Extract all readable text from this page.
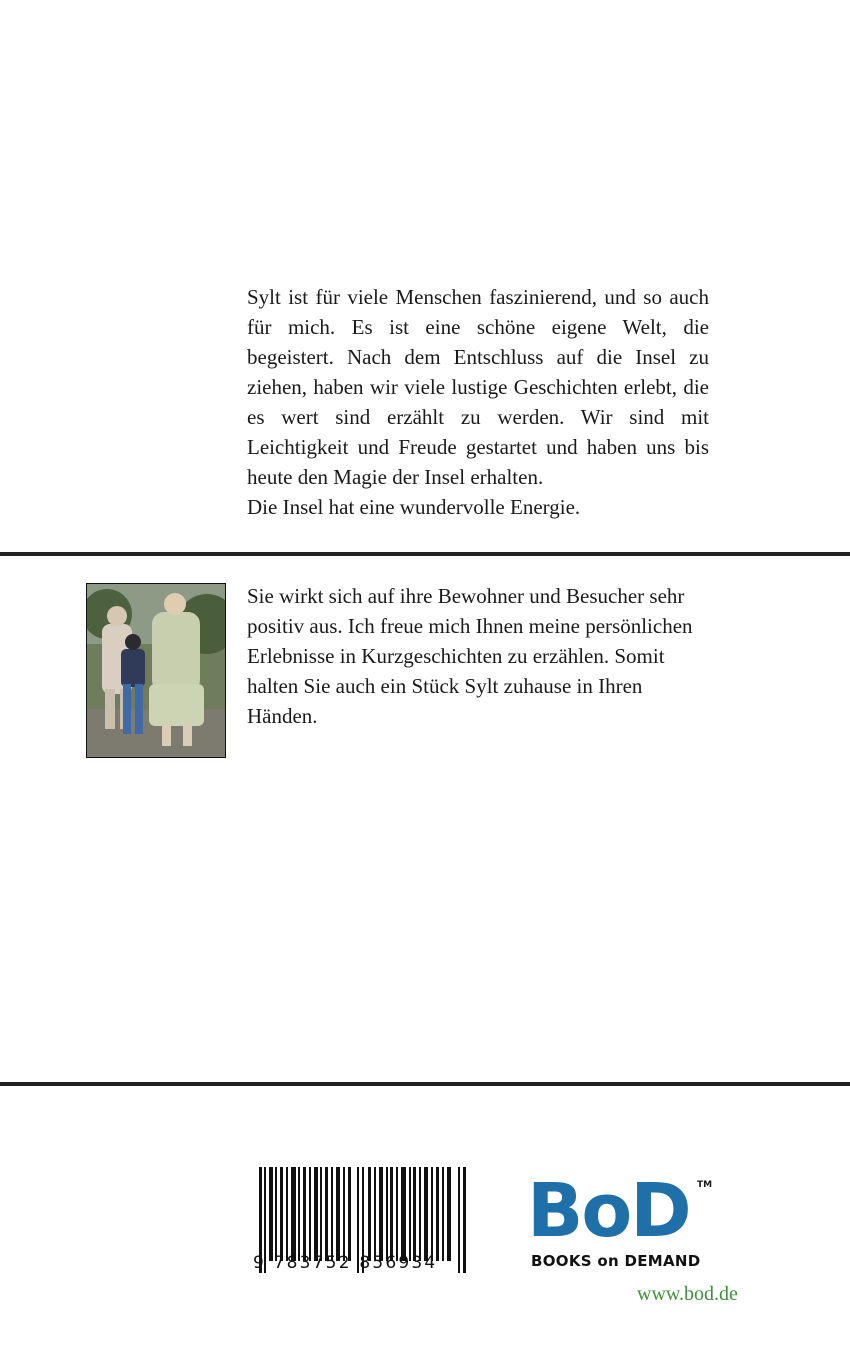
Sylt ist für viele Menschen faszinierend, und so auch für mich. Es ist eine schöne eigene Welt, die begeistert. Nach dem Entschluss auf die Insel zu ziehen, haben wir viele lustige Geschichten erlebt, die es wert sind erzählt zu werden. Wir sind mit Leichtigkeit und Freude gestartet und haben uns bis heute den Magie der Insel erhalten.

Die Insel hat eine wundervolle Energie.

Sie wirkt sich auf ihre Bewohner und Besucher sehr positiv aus. Ich freue mich Ihnen meine persönlichen Erlebnisse in Kurzgeschichten zu erzählen. Somit halten Sie auch ein Stück Sylt zuhause in Ihren Händen.

9 783752 856934
BoD TM
BOOKS on DEMAND
www.bod.de
